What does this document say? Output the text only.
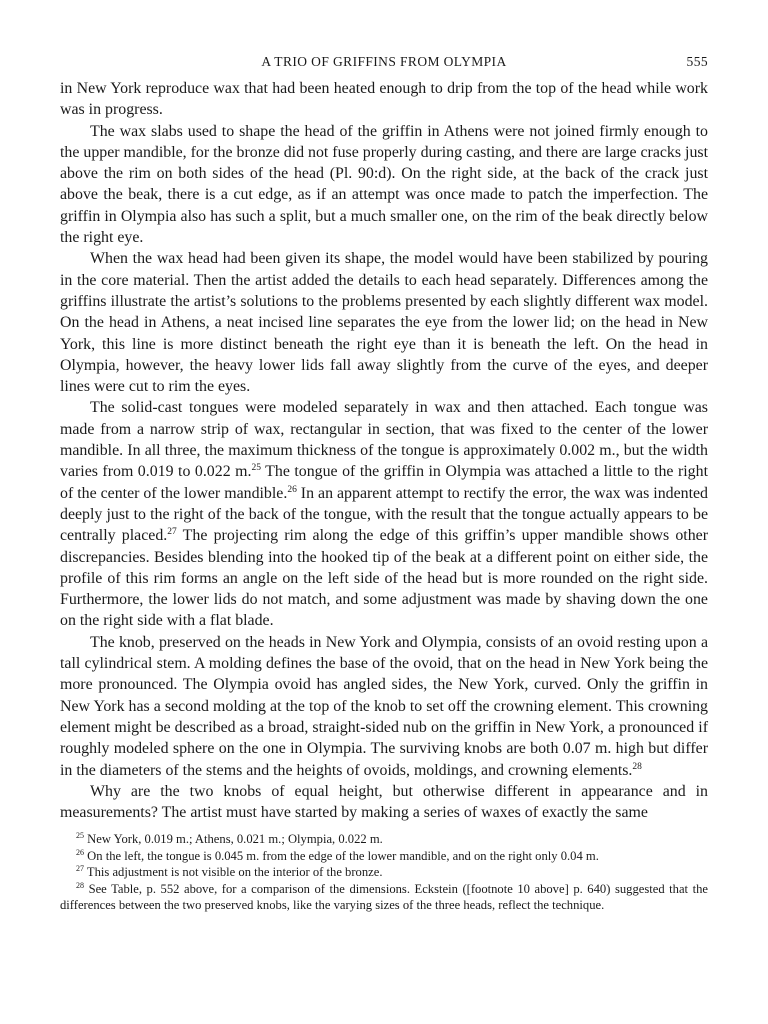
A TRIO OF GRIFFINS FROM OLYMPIA	555

in New York reproduce wax that had been heated enough to drip from the top of the head while work was in progress.

The wax slabs used to shape the head of the griffin in Athens were not joined firmly enough to the upper mandible, for the bronze did not fuse properly during casting, and there are large cracks just above the rim on both sides of the head (Pl. 90:d). On the right side, at the back of the crack just above the beak, there is a cut edge, as if an attempt was once made to patch the imperfection. The griffin in Olympia also has such a split, but a much smaller one, on the rim of the beak directly below the right eye.

When the wax head had been given its shape, the model would have been stabilized by pouring in the core material. Then the artist added the details to each head separately. Differences among the griffins illustrate the artist’s solutions to the problems presented by each slightly different wax model. On the head in Athens, a neat incised line separates the eye from the lower lid; on the head in New York, this line is more distinct beneath the right eye than it is beneath the left. On the head in Olympia, however, the heavy lower lids fall away slightly from the curve of the eyes, and deeper lines were cut to rim the eyes.

The solid-cast tongues were modeled separately in wax and then attached. Each tongue was made from a narrow strip of wax, rectangular in section, that was fixed to the center of the lower mandible. In all three, the maximum thickness of the tongue is approximately 0.002 m., but the width varies from 0.019 to 0.022 m.$^{25}$ The tongue of the griffin in Olympia was attached a little to the right of the center of the lower mandible.$^{26}$ In an apparent attempt to rectify the error, the wax was indented deeply just to the right of the back of the tongue, with the result that the tongue actually appears to be centrally placed.$^{27}$ The projecting rim along the edge of this griffin’s upper mandible shows other discrepancies. Besides blending into the hooked tip of the beak at a different point on either side, the profile of this rim forms an angle on the left side of the head but is more rounded on the right side. Furthermore, the lower lids do not match, and some adjustment was made by shaving down the one on the right side with a flat blade.

The knob, preserved on the heads in New York and Olympia, consists of an ovoid resting upon a tall cylindrical stem. A molding defines the base of the ovoid, that on the head in New York being the more pronounced. The Olympia ovoid has angled sides, the New York, curved. Only the griffin in New York has a second molding at the top of the knob to set off the crowning element. This crowning element might be described as a broad, straight-sided nub on the griffin in New York, a pronounced if roughly modeled sphere on the one in Olympia. The surviving knobs are both 0.07 m. high but differ in the diameters of the stems and the heights of ovoids, moldings, and crowning elements.$^{28}$

Why are the two knobs of equal height, but otherwise different in appearance and in measurements? The artist must have started by making a series of waxes of exactly the same

$^{25}$ New York, 0.019 m.; Athens, 0.021 m.; Olympia, 0.022 m.

$^{26}$ On the left, the tongue is 0.045 m. from the edge of the lower mandible, and on the right only 0.04 m.

$^{27}$ This adjustment is not visible on the interior of the bronze.

$^{28}$ See Table, p. 552 above, for a comparison of the dimensions. Eckstein ([footnote 10 above] p. 640) suggested that the differences between the two preserved knobs, like the varying sizes of the three heads, reflect the technique.
